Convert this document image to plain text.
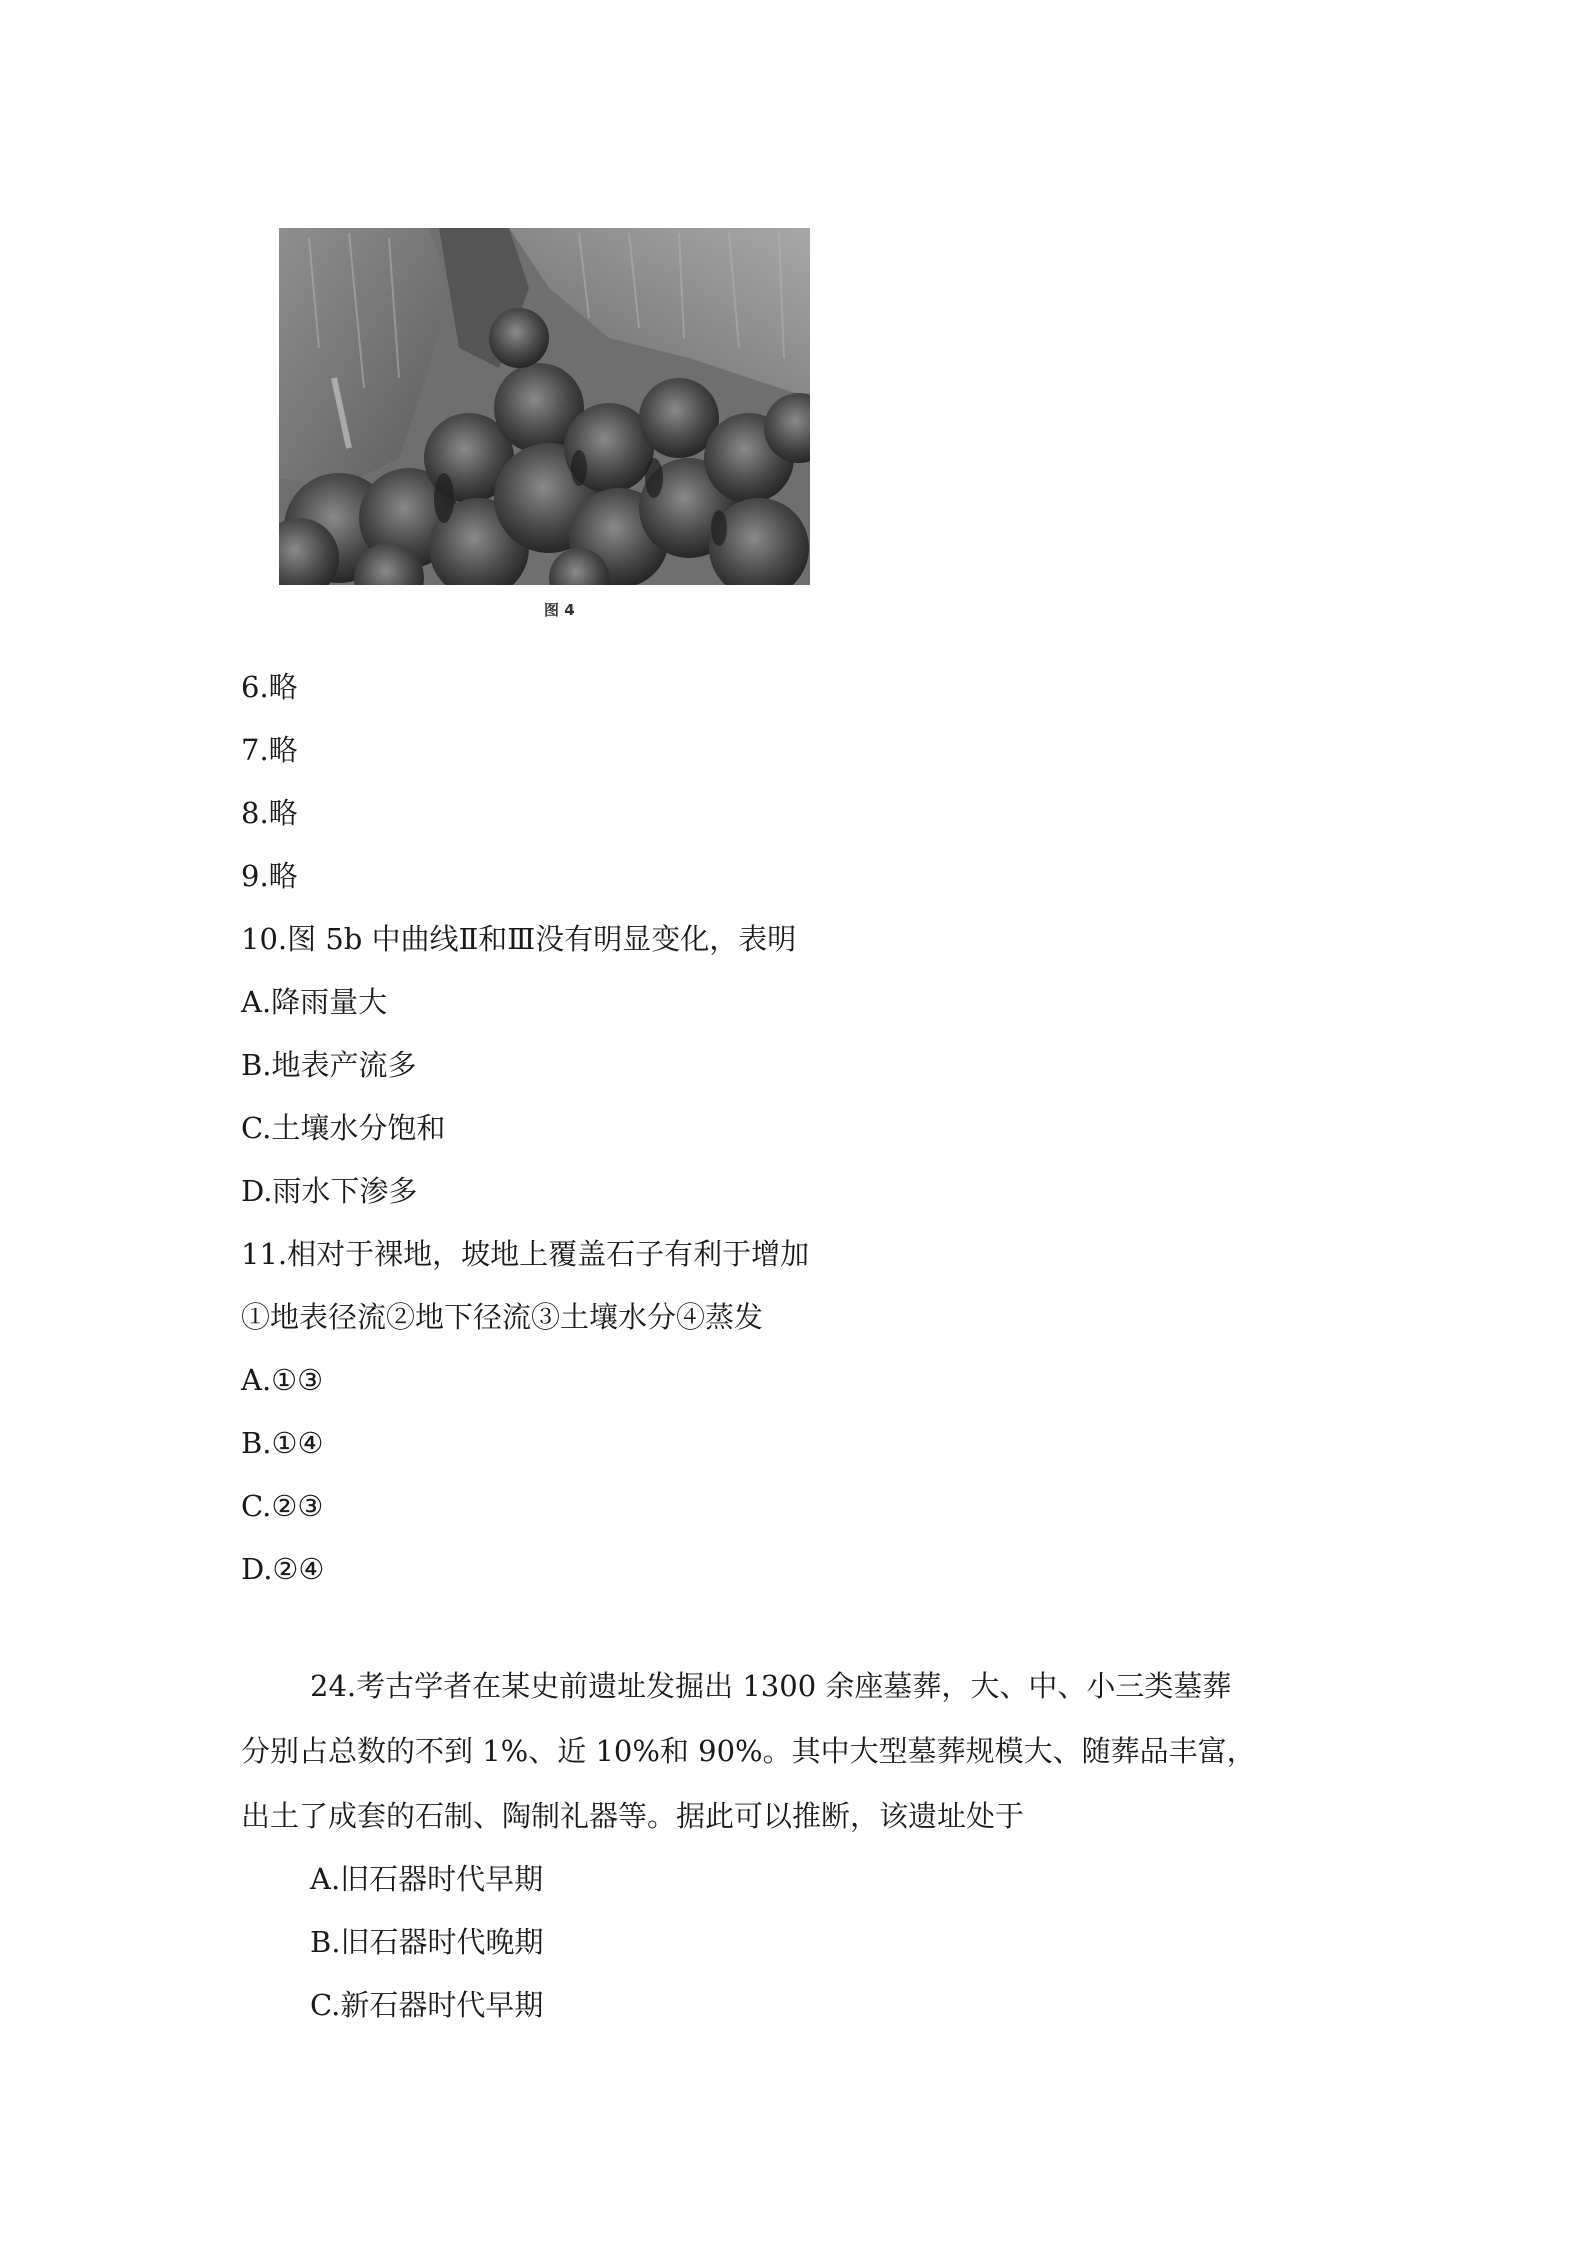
图 4
6.略
7.略
8.略
9.略
10.图 5b 中曲线Ⅱ和Ⅲ没有明显变化，表明
A.降雨量大
B.地表产流多
C.土壤水分饱和
D.雨水下渗多
11.相对于裸地，坡地上覆盖石子有利于增加
①地表径流②地下径流③土壤水分④蒸发
A.①③
B.①④
C.②③
D.②④
24.考古学者在某史前遗址发掘出 1300 余座墓葬，大、中、小三类墓葬
分别占总数的不到 1%、近 10%和 90%。其中大型墓葬规模大、随葬品丰富，
出土了成套的石制、陶制礼器等。据此可以推断，该遗址处于
A.旧石器时代早期
B.旧石器时代晚期
C.新石器时代早期
